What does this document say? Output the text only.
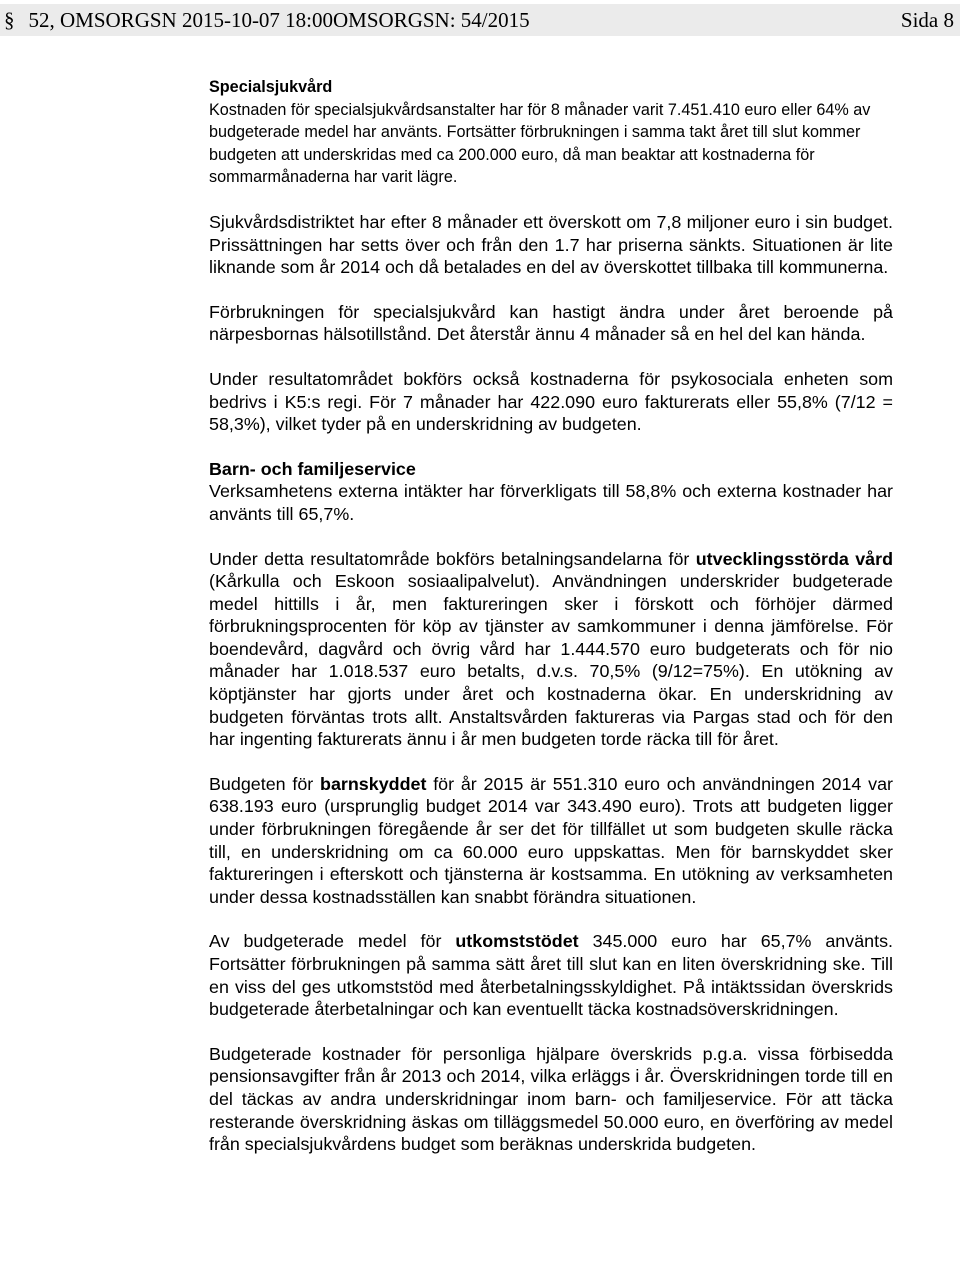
§ 52, OMSORGSN 2015-10-07 18:00OMSORGSN: 54/2015	Sida 8
Specialsjukvård

Kostnaden för specialsjukvårdsanstalter har för 8 månader varit 7.451.410 euro eller 64% av budgeterade medel har använts. Fortsätter förbrukningen i samma takt året till slut kommer budgeten att underskridas med ca 200.000 euro, då man beaktar att kostnaderna för sommarmånaderna har varit lägre.

Sjukvårdsdistriktet har efter 8 månader ett överskott om 7,8 miljoner euro i sin budget. Prissättningen har setts över och från den 1.7 har priserna sänkts. Situationen är lite liknande som år 2014 och då betalades en del av överskottet tillbaka till kommunerna.

Förbrukningen för specialsjukvård kan hastigt ändra under året beroende på närpesbornas hälsotillstånd. Det återstår ännu 4 månader så en hel del kan hända.

Under resultatområdet bokförs också kostnaderna för psykosociala enheten som bedrivs i K5:s regi. För 7 månader har 422.090 euro fakturerats eller 55,8% (7/12 = 58,3%), vilket tyder på en underskridning av budgeten.

Barn- och familjeservice

Verksamhetens externa intäkter har förverkligats till 58,8% och externa kostnader har använts till 65,7%.

Under detta resultatområde bokförs betalningsandelarna för utvecklingsstörda vård (Kårkulla och Eskoon sosiaalipalvelut). Användningen underskrider budgeterade medel hittills i år, men faktureringen sker i förskott och förhöjer därmed förbrukningsprocenten för köp av tjänster av samkommuner i denna jämförelse. För boendevård, dagvård och övrig vård har 1.444.570 euro budgeterats och för nio månader har 1.018.537 euro betalts, d.v.s. 70,5% (9/12=75%). En utökning av köptjänster har gjorts under året och kostnaderna ökar. En underskridning av budgeten förväntas trots allt. Anstaltsvården faktureras via Pargas stad och för den har ingenting fakturerats ännu i år men budgeten torde räcka till för året.

Budgeten för barnskyddet för år 2015 är 551.310 euro och användningen 2014 var 638.193 euro (ursprunglig budget 2014 var 343.490 euro). Trots att budgeten ligger under förbrukningen föregående år ser det för tillfället ut som budgeten skulle räcka till, en underskridning om ca 60.000 euro uppskattas. Men för barnskyddet sker faktureringen i efterskott och tjänsterna är kostsamma. En utökning av verksamheten under dessa kostnadsställen kan snabbt förändra situationen.

Av budgeterade medel för utkomststödet 345.000 euro har 65,7% använts. Fortsätter förbrukningen på samma sätt året till slut kan en liten överskridning ske. Till en viss del ges utkomststöd med återbetalningsskyldighet. På intäktssidan överskrids budgeterade återbetalningar och kan eventuellt täcka kostnadsöverskridningen.

Budgeterade kostnader för personliga hjälpare överskrids p.g.a. vissa förbisedda pensionsavgifter från år 2013 och 2014, vilka erläggs i år. Överskridningen torde till en del täckas av andra underskridningar inom barn- och familjeservice. För att täcka resterande överskridning äskas om tilläggsmedel 50.000 euro, en överföring av medel från specialsjukvårdens budget som beräknas underskrida budgeten.
